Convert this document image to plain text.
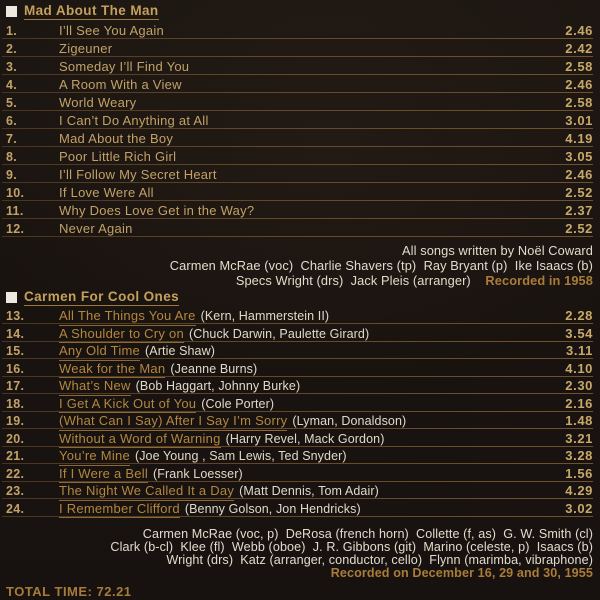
Mad About The Man
1.	I’ll See You Again	2.46
2.	Zigeuner	2.42
3.	Someday I’ll Find You	2.58
4.	A Room With a View	2.46
5.	World Weary	2.58
6.	I Can’t Do Anything at All	3.01
7.	Mad About the Boy	4.19
8.	Poor Little Rich Girl	3.05
9.	I’ll Follow My Secret Heart	2.46
10.	If Love Were All	2.52
11.	Why Does Love Get in the Way?	2.37
12.	Never Again	2.52
All songs written by Noël Coward
Carmen McRae (voc)  Charlie Shavers (tp)  Ray Bryant (p)  Ike Isaacs (b)
Specs Wright (drs)  Jack Pleis (arranger)    Recorded in 1958
Carmen For Cool Ones
13.	All The Things You Are (Kern, Hammerstein II)	2.28
14.	A Shoulder to Cry on (Chuck Darwin, Paulette Girard)	3.54
15.	Any Old Time (Artie Shaw)	3.11
16.	Weak for the Man (Jeanne Burns)	4.10
17.	What’s New (Bob Haggart, Johnny Burke)	2.30
18.	I Get A Kick Out of You (Cole Porter)	2.16
19.	(What Can I Say) After I Say I’m Sorry (Lyman, Donaldson)	1.48
20.	Without a Word of Warning (Harry Revel, Mack Gordon)	3.21
21.	You’re Mine (Joe Young , Sam Lewis, Ted Snyder)	3.28
22.	If I Were a Bell (Frank Loesser)	1.56
23.	The Night We Called It a Day (Matt Dennis, Tom Adair)	4.29
24.	I Remember Clifford (Benny Golson, Jon Hendricks)	3.02
Carmen McRae (voc, p)  DeRosa (french horn)  Collette (f, as)  G. W. Smith (cl)
Clark (b-cl)  Klee (fl)  Webb (oboe)  J. R. Gibbons (git)  Marino (celeste, p)  Isaacs (b)
Wright (drs)  Katz (arranger, conductor, cello)  Flynn (marimba, vibraphone)
Recorded on December 16, 29 and 30, 1955
TOTAL TIME: 72.21
